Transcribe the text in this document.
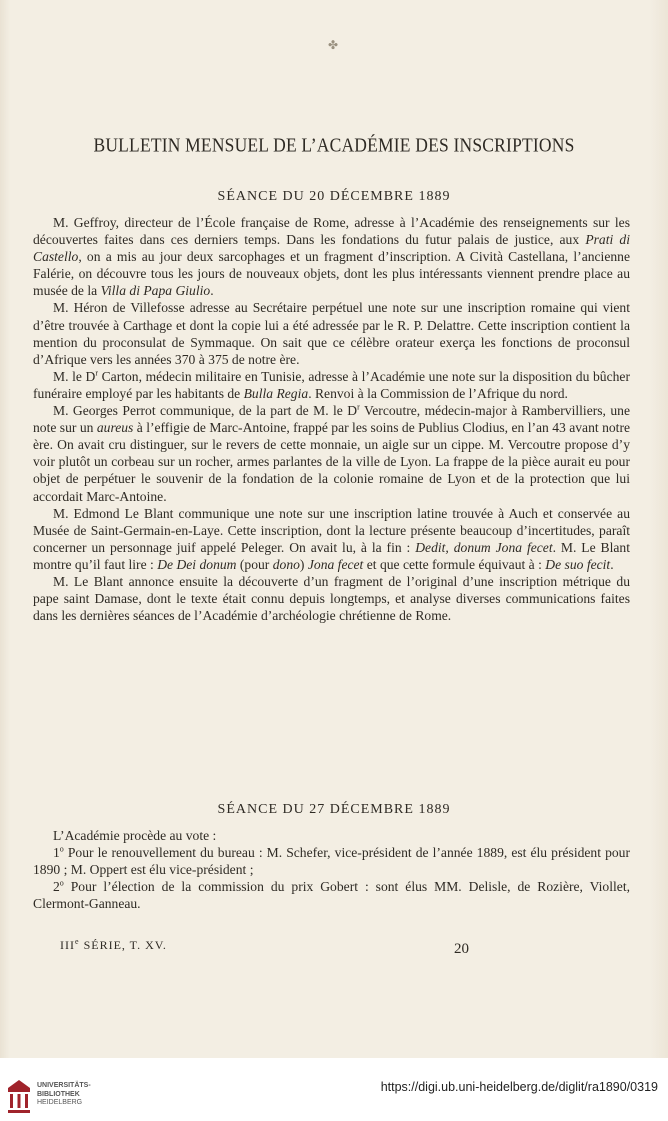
✤
BULLETIN MENSUEL DE L’ACADÉMIE DES INSCRIPTIONS
SÉANCE DU 20 DÉCEMBRE 1889

M. Geffroy, directeur de l’École française de Rome, adresse à l’Académie des renseignements sur les découvertes faites dans ces derniers temps. Dans les fondations du futur palais de justice, aux Prati di Castello, on a mis au jour deux sarcophages et un fragment d’inscription. A Cività Castellana, l’ancienne Falérie, on découvre tous les jours de nouveaux objets, dont les plus intéressants viennent prendre place au musée de la Villa di Papa Giulio.

M. Héron de Villefosse adresse au Secrétaire perpétuel une note sur une inscription romaine qui vient d’être trouvée à Carthage et dont la copie lui a été adressée par le R. P. Delattre. Cette inscription contient la mention du proconsulat de Symmaque. On sait que ce célèbre orateur exerça les fonctions de proconsul d’Afrique vers les années 370 à 375 de notre ère.

M. le $D^r$ Carton, médecin militaire en Tunisie, adresse à l’Académie une note sur la disposition du bûcher funéraire employé par les habitants de Bulla Regia. Renvoi à la Commission de l’Afrique du nord.

M. Georges Perrot communique, de la part de M. le $D^r$ Vercoutre, médecin-major à Rambervilliers, une note sur un aureus à l’effigie de Marc-Antoine, frappé par les soins de Publius Clodius, en l’an 43 avant notre ère. On avait cru distinguer, sur le revers de cette monnaie, un aigle sur un cippe. M. Vercoutre propose d’y voir plutôt un corbeau sur un rocher, armes parlantes de la ville de Lyon. La frappe de la pièce aurait eu pour objet de perpétuer le souvenir de la fondation de la colonie romaine de Lyon et de la protection que lui accordait Marc-Antoine.

M. Edmond Le Blant communique une note sur une inscription latine trouvée à Auch et conservée au Musée de Saint-Germain-en-Laye. Cette inscription, dont la lecture présente beaucoup d’incertitudes, paraît concerner un personnage juif appelé Peleger. On avait lu, à la fin : Dedit, donum Jona fecet. M. Le Blant montre qu’il faut lire : De Dei donum (pour dono) Jona fecet et que cette formule équivaut à : De suo fecit.

M. Le Blant annonce ensuite la découverte d’un fragment de l’original d’une inscription métrique du pape saint Damase, dont le texte était connu depuis longtemps, et analyse diverses communications faites dans les dernières séances de l’Académie d’archéologie chrétienne de Rome.

SÉANCE DU 27 DÉCEMBRE 1889

L’Académie procède au vote :

1$^o$ Pour le renouvellement du bureau : M. Schefer, vice-président de l’année 1889, est élu président pour 1890 ; M. Oppert est élu vice-président ;

2$^o$ Pour l’élection de la commission du prix Gobert : sont élus MM. Delisle, de Rozière, Viollet, Clermont-Ganneau.

IIIe SÉRIE, T. XV.	20
UNIVERSITÄTS-
BIBLIOTHEK
HEIDELBERG
https://digi.ub.uni-heidelberg.de/diglit/ra1890/0319
